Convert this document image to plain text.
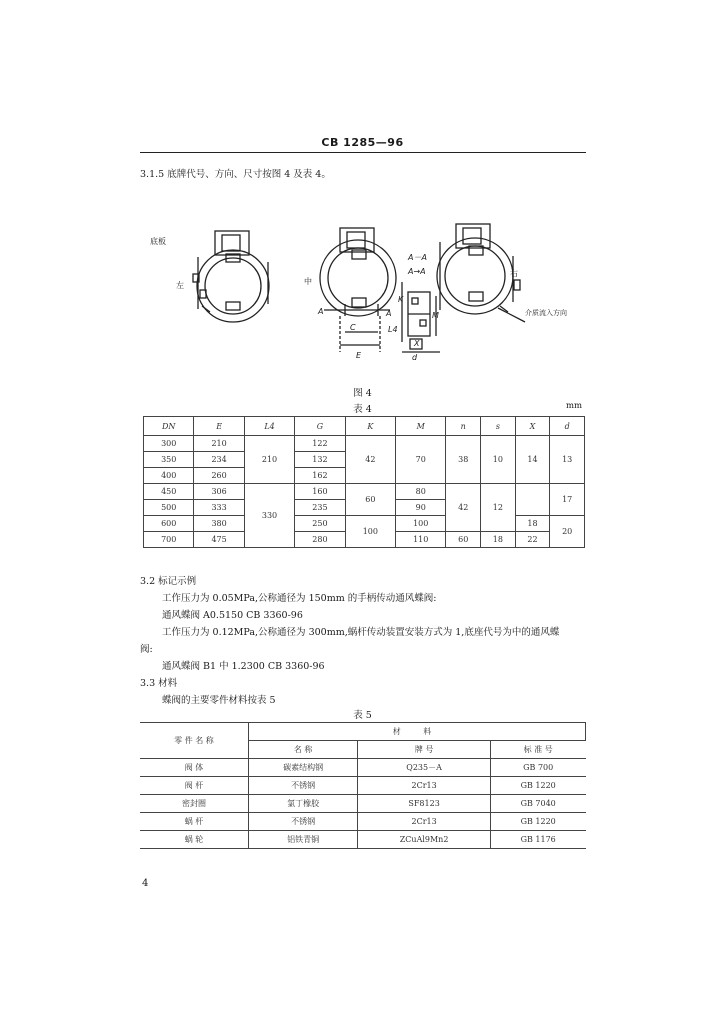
CB 1285—96
3.1.5 底牌代号、方向、尺寸按图 4 及表 4。
底板
左	中
右
A－A
A→A
A	A
C
E
X
M
d
L4
K
介质流入方向
图 4
表 4	mm
DN	E	L4	G	K	M	n	s	X	d
300	210	210	122	42	70	38	10	14	13
350	234		132						
400	260		162						
450	306	330	160	60	80	42	12		17
500	333		235		90				
600	380		250	100	100			18	20
700	475		280		110	60	18	22	
3.2 标记示例
工作压力为 0.05MPa,公称通径为 150mm 的手柄传动通风蝶阀:
通风蝶阀 A0.5150 CB 3360-96
工作压力为 0.12MPa,公称通径为 300mm,蜗杆传动装置安装方式为 1,底座代号为中的通风蝶
阀:
通风蝶阀 B1 中 1.2300 CB 3360-96
3.3 材料
蝶阀的主要零件材料按表 5
表 5
零 件 名 称	材 料		
	名 称	牌 号	标 准 号
阀 体	碳素结构钢	Q235－A	GB 700
阀 杆	不锈钢	2Cr13	GB 1220
密封圈	氯丁橡胶	SF8123	GB 7040
蜗 杆	不锈钢	2Cr13	GB 1220
蜗 轮	铝铁青铜	ZCuAl9Mn2	GB 1176
4
